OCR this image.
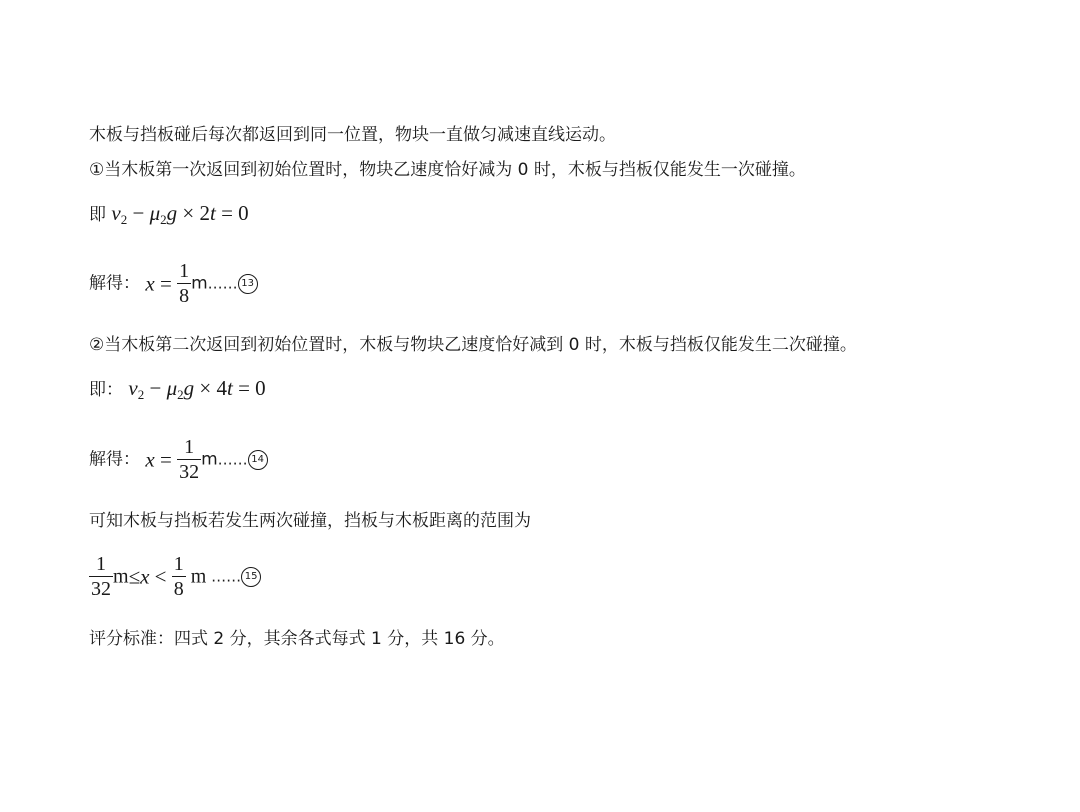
木板与挡板碰后每次都返回到同一位置，物块一直做匀减速直线运动。
①当木板第一次返回到初始位置时，物块乙速度恰好减为 0 时，木板与挡板仅能发生一次碰撞。
即 $v_2 - \mu_2g \times 2t = 0$
解得： $x = \frac{1}{8}$ m…… 13
②当木板第二次返回到初始位置时，木板与物块乙速度恰好减到 0 时，木板与挡板仅能发生二次碰撞。
即： $v_2 - \mu_2g \times 4t = 0$
解得： $x = \frac{1}{32}$ m…… 14
可知木板与挡板若发生两次碰撞，挡板与木板距离的范围为
$\frac{1}{32} m\le x < \frac{1}{8}$ m …… 15
评分标准：四式 2 分，其余各式每式 1 分，共 16 分。
